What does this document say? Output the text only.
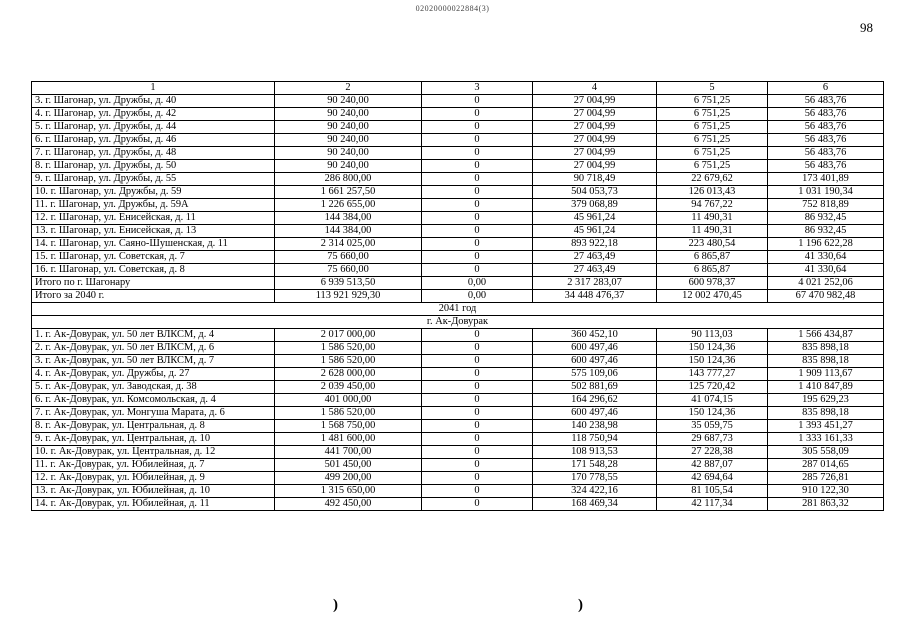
02020000022884(3)
98
1	2	3	4	5	6
3. г. Шагонар, ул. Дружбы, д. 40	90 240,00	0	27 004,99	6 751,25	56 483,76
4. г. Шагонар, ул. Дружбы, д. 42	90 240,00	0	27 004,99	6 751,25	56 483,76
5. г. Шагонар, ул. Дружбы, д. 44	90 240,00	0	27 004,99	6 751,25	56 483,76
6. г. Шагонар, ул. Дружбы, д. 46	90 240,00	0	27 004,99	6 751,25	56 483,76
7. г. Шагонар, ул. Дружбы, д. 48	90 240,00	0	27 004,99	6 751,25	56 483,76
8. г. Шагонар, ул. Дружбы, д. 50	90 240,00	0	27 004,99	6 751,25	56 483,76
9. г. Шагонар, ул. Дружбы, д. 55	286 800,00	0	90 718,49	22 679,62	173 401,89
10. г. Шагонар, ул. Дружбы, д. 59	1 661 257,50	0	504 053,73	126 013,43	1 031 190,34
11. г. Шагонар, ул. Дружбы, д. 59А	1 226 655,00	0	379 068,89	94 767,22	752 818,89
12. г. Шагонар, ул. Енисейская, д. 11	144 384,00	0	45 961,24	11 490,31	86 932,45
13. г. Шагонар, ул. Енисейская, д. 13	144 384,00	0	45 961,24	11 490,31	86 932,45
14. г. Шагонар, ул. Саяно-Шушенская, д. 11	2 314 025,00	0	893 922,18	223 480,54	1 196 622,28
15. г. Шагонар, ул. Советская, д. 7	75 660,00	0	27 463,49	6 865,87	41 330,64
16. г. Шагонар, ул. Советская, д. 8	75 660,00	0	27 463,49	6 865,87	41 330,64
Итого по г. Шагонару	6 939 513,50	0,00	2 317 283,07	600 978,37	4 021 252,06
Итого за 2040 г.	113 921 929,30	0,00	34 448 476,37	12 002 470,45	67 470 982,48
2041 год					
г. Ак-Довурак					
1. г. Ак-Довурак, ул. 50 лет ВЛКСМ, д. 4	2 017 000,00	0	360 452,10	90 113,03	1 566 434,87
2. г. Ак-Довурак, ул. 50 лет ВЛКСМ, д. 6	1 586 520,00	0	600 497,46	150 124,36	835 898,18
3. г. Ак-Довурак, ул. 50 лет ВЛКСМ, д. 7	1 586 520,00	0	600 497,46	150 124,36	835 898,18
4. г. Ак-Довурак, ул. Дружбы, д. 27	2 628 000,00	0	575 109,06	143 777,27	1 909 113,67
5. г. Ак-Довурак, ул. Заводская, д. 38	2 039 450,00	0	502 881,69	125 720,42	1 410 847,89
6. г. Ак-Довурак, ул. Комсомольская, д. 4	401 000,00	0	164 296,62	41 074,15	195 629,23
7. г. Ак-Довурак, ул. Монгуша Марата, д. 6	1 586 520,00	0	600 497,46	150 124,36	835 898,18
8. г. Ак-Довурак, ул. Центральная, д. 8	1 568 750,00	0	140 238,98	35 059,75	1 393 451,27
9. г. Ак-Довурак, ул. Центральная, д. 10	1 481 600,00	0	118 750,94	29 687,73	1 333 161,33
10. г. Ак-Довурак, ул. Центральная, д. 12	441 700,00	0	108 913,53	27 228,38	305 558,09
11. г. Ак-Довурак, ул. Юбилейная, д. 7	501 450,00	0	171 548,28	42 887,07	287 014,65
12. г. Ак-Довурак, ул. Юбилейная, д. 9	499 200,00	0	170 778,55	42 694,64	285 726,81
13. г. Ак-Довурак, ул. Юбилейная, д. 10	1 315 650,00	0	324 422,16	81 105,54	910 122,30
14. г. Ак-Довурак, ул. Юбилейная, д. 11	492 450,00	0	168 469,34	42 117,34	281 863,32
)	)
